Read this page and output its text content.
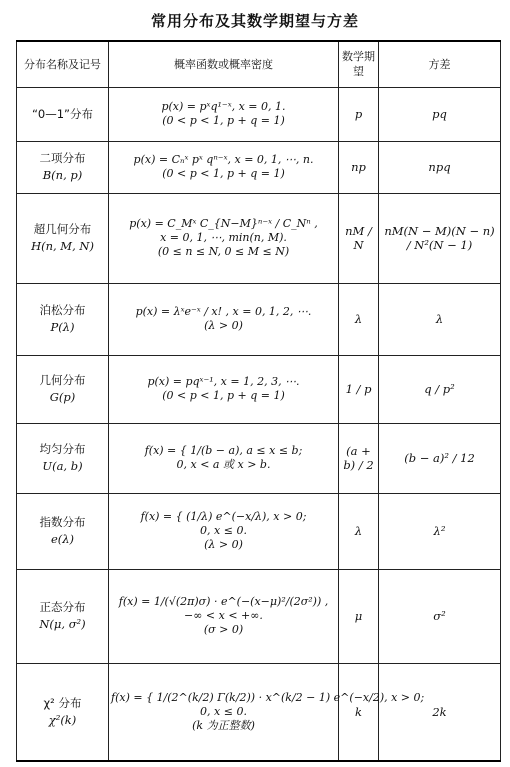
常用分布及其数学期望与方差
分布名称及记号	概率函数或概率密度	数学期望	方差

“0—1”分布	p(x) = pˣq¹⁻ˣ, x = 0, 1.
(0 < p < 1, p + q = 1)	p	pq

二项分布
B(n, p)	p(x) = Cₙˣ pˣ qⁿ⁻ˣ, x = 0, 1, ⋯, n.
(0 < p < 1, p + q = 1)	np	npq

超几何分布
H(n, M, N)	p(x) = C_Mˣ C_{N−M}ⁿ⁻ˣ / C_Nⁿ ,
x = 0, 1, ⋯, min(n, M).
(0 ≤ n ≤ N, 0 ≤ M ≤ N)	nM / N	nM(N − M)(N − n) / N²(N − 1)

泊松分布
P(λ)	p(x) = λˣe⁻ˣ / x! , x = 0, 1, 2, ⋯.
(λ > 0)	λ	λ

几何分布
G(p)	p(x) = pqˣ⁻¹, x = 1, 2, 3, ⋯.
(0 < p < 1, p + q = 1)	1 / p	q / p²

均匀分布
U(a, b)	f(x) = { 1/(b − a), a ≤ x ≤ b;
0, x < a 或 x > b.	(a + b) / 2	(b − a)² / 12

指数分布
e(λ)	f(x) = { (1/λ) e^(−x/λ), x > 0;
0, x ≤ 0.
(λ > 0)	λ	λ²

正态分布
N(μ, σ²)	f(x) = 1/(√(2π)σ) · e^(−(x−μ)²/(2σ²)) ,
−∞ < x < +∞.
(σ > 0)	μ	σ²

χ² 分布
χ²(k)	f(x) = { 1/(2^(k/2) Γ(k/2)) · x^(k/2 − 1) e^(−x/2), x > 0;
0, x ≤ 0.
(k 为正整数)	k	2k
